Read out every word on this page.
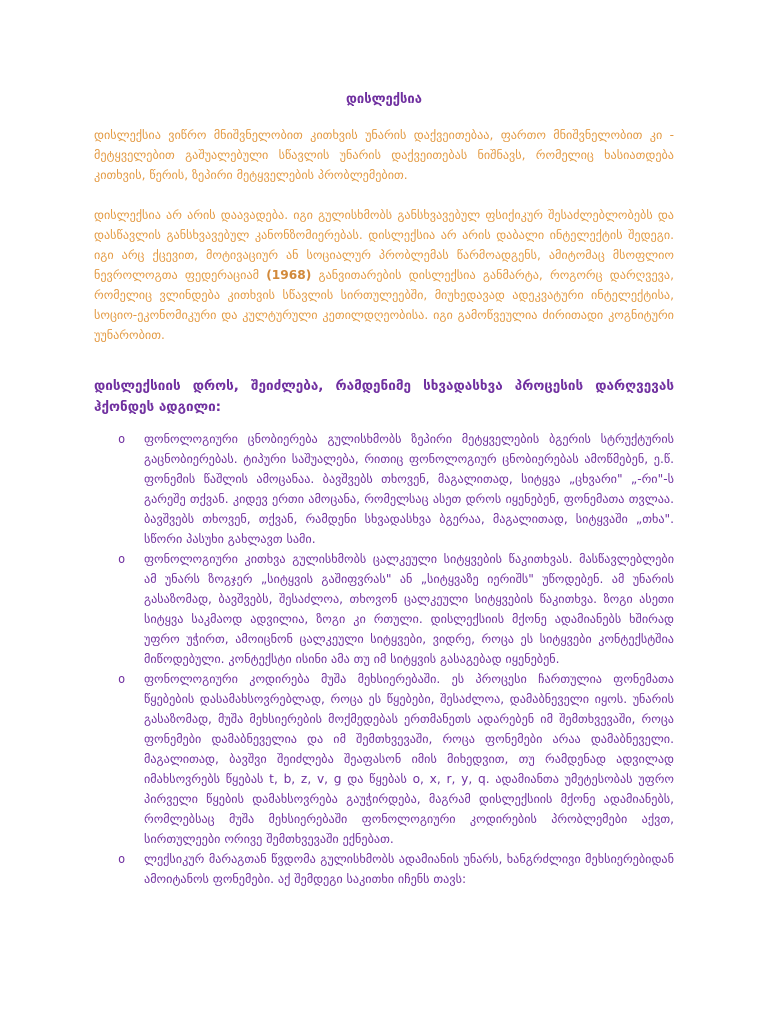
დისლექსია

დისლექსია ვიწრო მნიშვნელობით კითხვის უნარის დაქვეითებაა, ფართო მნიშვნელობით კი - მეტყველებით გაშუალებული სწავლის უნარის დაქვეითებას ნიშნავს, რომელიც ხასიათდება კითხვის, წერის, ზეპირი მეტყველების პრობლემებით.

დისლექსია არ არის დაავადება. იგი გულისხმობს განსხვავებულ ფსიქიკურ შესაძლებლობებს და დასწავლის განსხვავებულ კანონზომიერებას. დისლექსია არ არის დაბალი ინტელექტის შედეგი. იგი არც ქცევით, მოტივაციურ ან სოციალურ პრობლემას წარმოადგენს, ამიტომაც მსოფლიო ნევროლოგთა ფედერაციამ (1968) განვითარების დისლექსია განმარტა, როგორც დარღვევა, რომელიც ვლინდება კითხვის სწავლის სირთულეებში, მიუხედავად ადეკვატური ინტელექტისა, სოციო-ეკონომიკური და კულტურული კეთილდღეობისა. იგი გამოწვეულია ძირითადი კოგნიტური უუნარობით.

დისლექსიის დროს, შეიძლება, რამდენიმე სხვადასხვა პროცესის დარღვევას ჰქონდეს ადგილი:

o	ფონოლოგიური ცნობიერება გულისხმობს ზეპირი მეტყველების ბგერის სტრუქტურის გაცნობიერებას. ტიპური საშუალება, რითიც ფონოლოგიურ ცნობიერებას ამოწმებენ, ე.წ. ფონემის წაშლის ამოცანაა. ბავშვებს თხოვენ, მაგალითად, სიტყვა „ცხვარი" „-რი"-ს გარეშე თქვან. კიდევ ერთი ამოცანა, რომელსაც ასეთ დროს იყენებენ, ფონემათა თვლაა. ბავშვებს თხოვენ, თქვან, რამდენი სხვადასხვა ბგერაა, მაგალითად, სიტყვაში „თხა". სწორი პასუხი გახლავთ სამი.
o	ფონოლოგიური კითხვა გულისხმობს ცალკეული სიტყვების წაკითხვას. მასწავლებლები ამ უნარს ზოგჯერ „სიტყვის გაშიფვრას" ან „სიტყვაზე იერიშს" უწოდებენ. ამ უნარის გასაზომად, ბავშვებს, შესაძლოა, თხოვონ ცალკეული სიტყვების წაკითხვა. ზოგი ასეთი სიტყვა საკმაოდ ადვილია, ზოგი კი რთული. დისლექსიის მქონე ადამიანებს ხშირად უფრო უჭირთ, ამოიცნონ ცალკეული სიტყვები, ვიდრე, როცა ეს სიტყვები კონტექსტშია მიწოდებული. კონტექსტი ისინი ამა თუ იმ სიტყვის გასაგებად იყენებენ.
o	ფონოლოგიური კოდირება მუშა მეხსიერებაში. ეს პროცესი ჩართულია ფონემათა წყებების დასამახსოვრებლად, როცა ეს წყებები, შესაძლოა, დამაბნეველი იყოს. უნარის გასაზომად, მუშა მეხსიერების მოქმედებას ერთმანეთს ადარებენ იმ შემთხვევაში, როცა ფონემები დამაბნეველია და იმ შემთხვევაში, როცა ფონემები არაა დამაბნეველი. მაგალითად, ბავშვი შეიძლება შეაფასონ იმის მიხედვით, თუ რამდენად ადვილად იმახსოვრებს წყებას t, b, z, v, g და წყებას o, x, r, y, q. ადამიანთა უმეტესობას უფრო პირველი წყების დამახსოვრება გაუჭირდება, მაგრამ დისლექსიის მქონე ადამიანებს, რომლებსაც მუშა მეხსიერებაში ფონოლოგიური კოდირების პრობლემები აქვთ, სირთულეები ორივე შემთხვევაში ექნებათ.
o	ლექსიკურ მარაგთან წვდომა გულისხმობს ადამიანის უნარს, ხანგრძლივი მეხსიერებიდან ამოიტანოს ფონემები. აქ შემდეგი საკითხი იჩენს თავს:
